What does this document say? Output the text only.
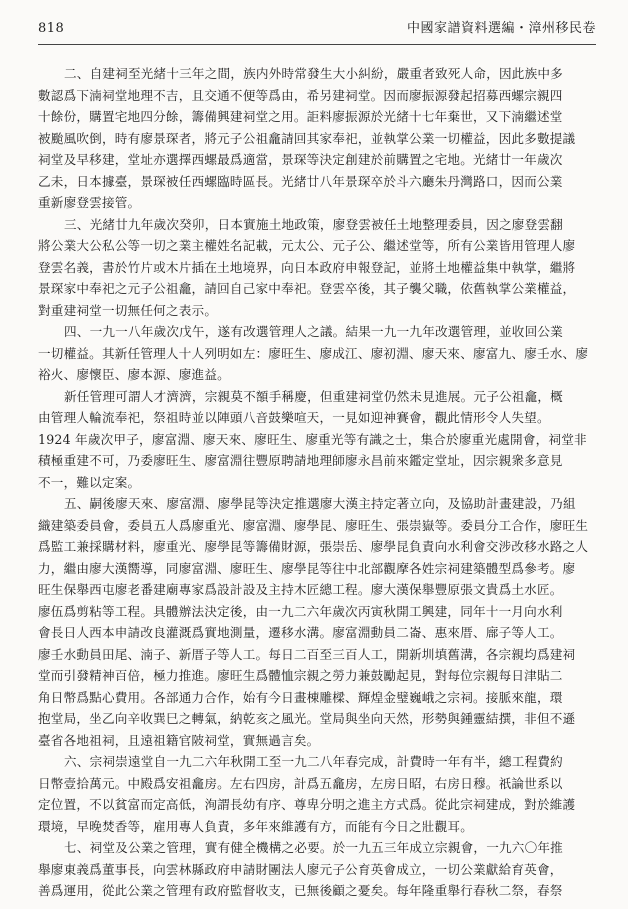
818	中國家譜資料選編・漳州移民卷
二、自建祠至光緒十三年之間，族内外時常發生大小糾紛，嚴重者致死人命，因此族中多
數認爲下湳祠堂地理不吉，且交通不便等爲由，希另建祠堂。因而廖振源發起招募西螺宗親四
十餘份，購置宅地四分餘，籌備興建祠堂之用。詎料廖振源於光緒十七年棄世，又下湳繼述堂
被颱風吹倒，時有廖景琛者，將元子公祖龕請回其家奉祀，並執掌公業一切權益，因此多數提議
祠堂及早移建，堂址亦選擇西螺最爲適當，景琛等決定創建於前購置之宅地。光緒廿一年歲次
乙未，日本據臺，景琛被任西螺臨時區長。光緒廿八年景琛卒於斗六廳朱丹灣路口，因而公業
重新廖登雲接管。
三、光緒廿九年歲次癸卯，日本實施土地政策，廖登雲被任土地整理委員，因之廖登雲翻
將公業大公私公等一切之業主權姓名記載，元太公、元子公、繼述堂等，所有公業皆用管理人廖
登雲名義，書於竹片或木片插在土地境界，向日本政府申報登記，並將土地權益集中執掌，繼將
景琛家中奉祀之元子公祖龕，請回自己家中奉祀。登雲卒後，其子襲父職，依舊執掌公業權益，
對重建祠堂一切無任何之表示。
四、一九一八年歲次戊午，遂有改選管理人之議。結果一九一九年改選管理，並收回公業
一切權益。其新任管理人十人列明如左：廖旺生、廖成江、廖初淵、廖天來、廖富九、廖壬水、廖
裕火、廖懷臣、廖本源、廖進益。
新任管理可謂人才濟濟，宗親莫不額手稱慶，但重建祠堂仍然未見進展。元子公祖龕，概
由管理人輪流奉祀，祭祖時並以陣頭八音鼓樂喧天，一見如迎神賽會，觀此情形令人失望。
1924 年歲次甲子，廖富淵、廖天來、廖旺生、廖重光等有識之士，集合於廖重光處開會，祠堂非
積極重建不可，乃委廖旺生、廖富淵往豐原聘請地理師廖永昌前來鑑定堂址，因宗親衆多意見
不一，難以定案。
五、嗣後廖天來、廖富淵、廖學昆等決定推選廖大漢主持定著立向，及協助計畫建設，乃組
織建築委員會，委員五人爲廖重光、廖富淵、廖學昆、廖旺生、張崇嶽等。委員分工合作，廖旺生
爲監工兼採購材料，廖重光、廖學昆等籌備財源，張崇岳、廖學昆負責向水利會交涉改移水路之人
力，繼由廖大漢嚮導，同廖富淵、廖旺生、廖學昆等往中北部觀摩各姓宗祠建築體型爲參考。廖
旺生保舉西屯廖老番建廟專家爲設計設及主持木匠總工程。廖大漢保舉豐原張文貴爲土水匠。
廖伍爲剪粘等工程。具體辦法決定後，由一九二六年歲次丙寅秋開工興建，同年十一月向水利
會長日人西本申請改良灌溉爲實地測量，遷移水溝。廖富淵動員二崙、惠來厝、廍子等人工。
廖壬水動員田尾、湳子、新厝子等人工。每日二百至三百人工，開新圳填舊溝，各宗親均爲建祠
堂而引發精神百倍，極力推進。廖旺生爲體恤宗親之勞力兼鼓勵起見，對每位宗親每日津貼二
角日幣爲點心費用。各部通力合作，始有今日畫棟雕樑、輝煌金璧巍峨之宗祠。接脈來龍，環
抱堂局，坐乙向辛收巽巳之轉氣，納乾亥之風光。堂局與坐向天然，形勢與鍾靈結撰，非但不遜
臺省各地祖祠，且遠祖籍官陂祠堂，實無過言矣。
六、宗祠崇遠堂自一九二六年秋開工至一九二八年春完成，計費時一年有半，總工程費約
日幣壹拾萬元。中殿爲安祖龕房。左右四房，計爲五龕房，左房日昭，右房日穆。祇論世系以
定位置，不以貧富而定高低，洵謂長幼有序、尊卑分明之進主方式爲。從此宗祠建成，對於維護
環境，早晚焚香等，雇用專人負責，多年來維護有方，而能有今日之壯觀耳。
七、祠堂及公業之管理，實有健全機構之必要。於一九五三年成立宗親會，一九六〇年推
舉廖東義爲董事長，向雲林縣政府申請財團法人廖元子公育英會成立，一切公業獻給育英會，
善爲運用，從此公業之管理有政府監督收支，已無後顧之憂矣。每年隆重舉行春秋二祭，春祭
